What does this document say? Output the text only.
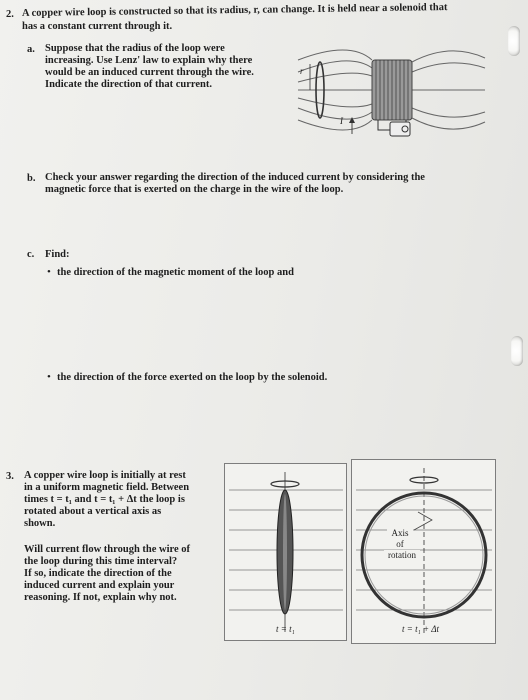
2. A copper wire loop is constructed so that its radius, r, can change. It is held near a solenoid that
has a constant current through it.
a. Suppose that the radius of the loop were
increasing. Use Lenz' law to explain why there
would be an induced current through the wire.
Indicate the direction of that current.
r
I
b. Check your answer regarding the direction of the induced current by considering the
magnetic force that is exerted on the charge in the wire of the loop.
c. Find:
• the direction of the magnetic moment of the loop and
• the direction of the force exerted on the loop by the solenoid.
3. A copper wire loop is initially at rest
in a uniform magnetic field. Between
times t = t₁ and t = t₁ + Δt the loop is
rotated about a vertical axis as
shown.
Will current flow through the wire of
the loop during this time interval?
If so, indicate the direction of the
induced current and explain your
reasoning. If not, explain why not.
t = t₁
Axis
of
rotation
t = t₁ + Δt
